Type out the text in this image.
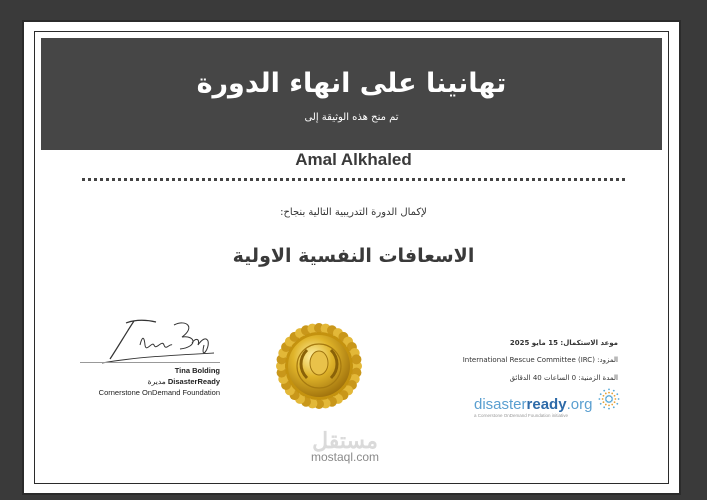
تهانينا على انهاء الدورة
تم منح هذه الوثيقة إلى
Amal Alkhaled
لإكمال الدورة التدريبية التالية بنجاح:
الاسعافات النفسية الاولية
Tina Bolding
مديرة DisasterReady
Cornerstone OnDemand Foundation
موعد الاستكمال: 15 مايو 2025
المزود: International Rescue Committee (IRC)
المدة الزمنية: 0 الساعات 40 الدقائق
disasterready.org
a Cornerstone OnDemand Foundation initiative
مستقل
mostaql.com
